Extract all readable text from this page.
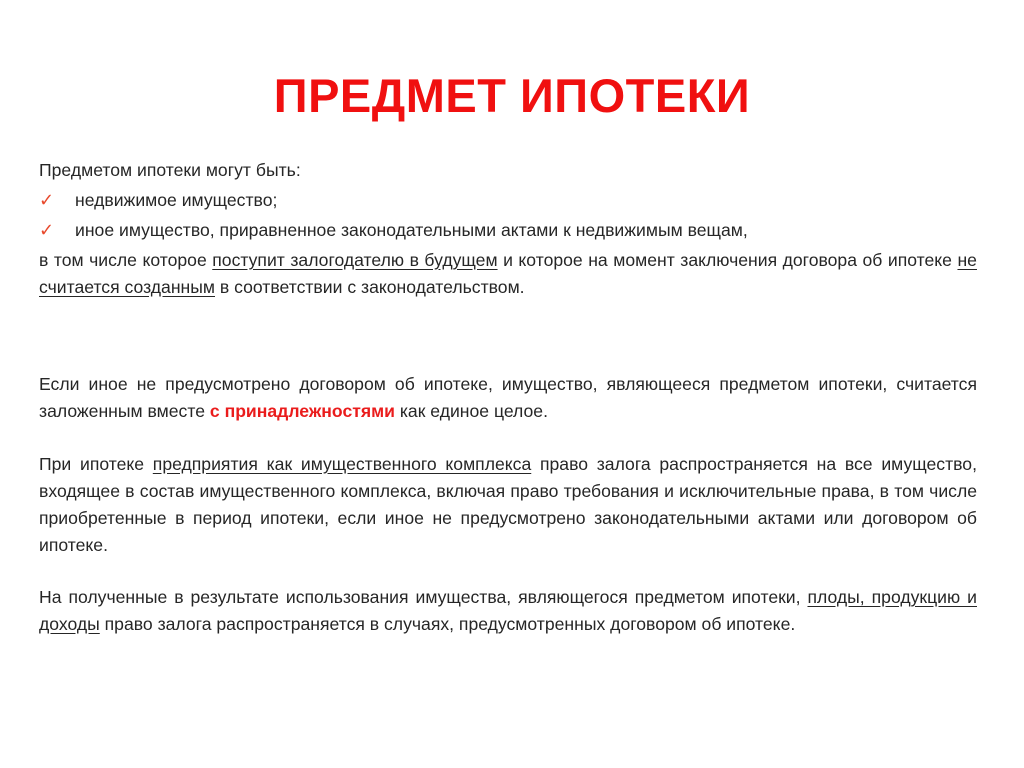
ПРЕДМЕТ ИПОТЕКИ

Предметом ипотеки могут быть:

✓ недвижимое имущество;
✓ иное имущество, приравненное законодательными актами к недвижимым вещам,

в том числе которое поступит залогодателю в будущем и которое на момент заключения договора об ипотеке не считается созданным в соответствии с законодательством.

Если иное не предусмотрено договором об ипотеке, имущество, являющееся предметом ипотеки, считается заложенным вместе с принадлежностями как единое целое.

При ипотеке предприятия как имущественного комплекса право залога распространяется на все имущество, входящее в состав имущественного комплекса, включая право требования и исключительные права, в том числе приобретенные в период ипотеки, если иное не предусмотрено законодательными актами или договором об ипотеке.

На полученные в результате использования имущества, являющегося предметом ипотеки, плоды, продукцию и доходы право залога распространяется в случаях, предусмотренных договором об ипотеке.
